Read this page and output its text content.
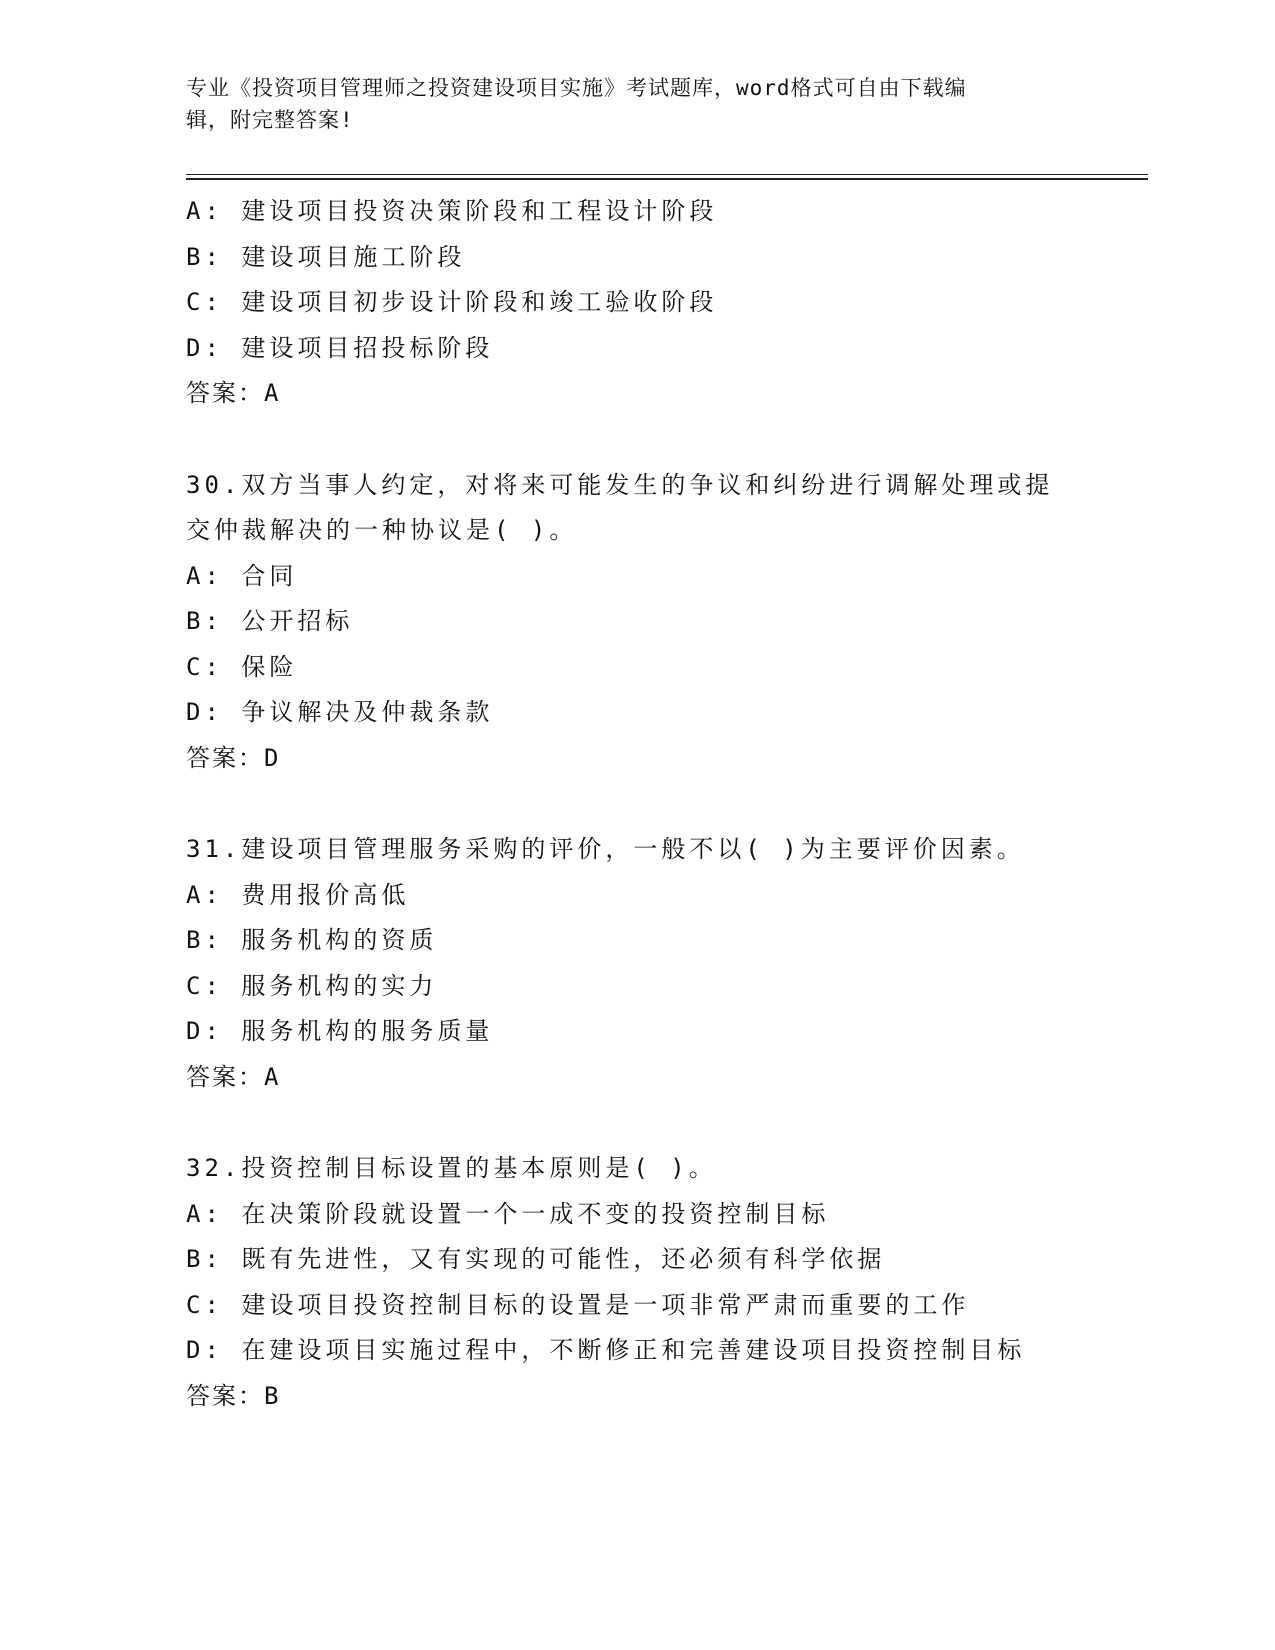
专业《投资项目管理师之投资建设项目实施》考试题库，word格式可自由下载编
辑，附完整答案!
A: 建设项目投资决策阶段和工程设计阶段
B: 建设项目施工阶段
C: 建设项目初步设计阶段和竣工验收阶段
D: 建设项目招投标阶段
答案：A
30.双方当事人约定，对将来可能发生的争议和纠纷进行调解处理或提
交仲裁解决的一种协议是( )。
A: 合同
B: 公开招标
C: 保险
D: 争议解决及仲裁条款
答案：D
31.建设项目管理服务采购的评价，一般不以( )为主要评价因素。
A: 费用报价高低
B: 服务机构的资质
C: 服务机构的实力
D: 服务机构的服务质量
答案：A
32.投资控制目标设置的基本原则是( )。
A: 在决策阶段就设置一个一成不变的投资控制目标
B: 既有先进性，又有实现的可能性，还必须有科学依据
C: 建设项目投资控制目标的设置是一项非常严肃而重要的工作
D: 在建设项目实施过程中，不断修正和完善建设项目投资控制目标
答案：B
